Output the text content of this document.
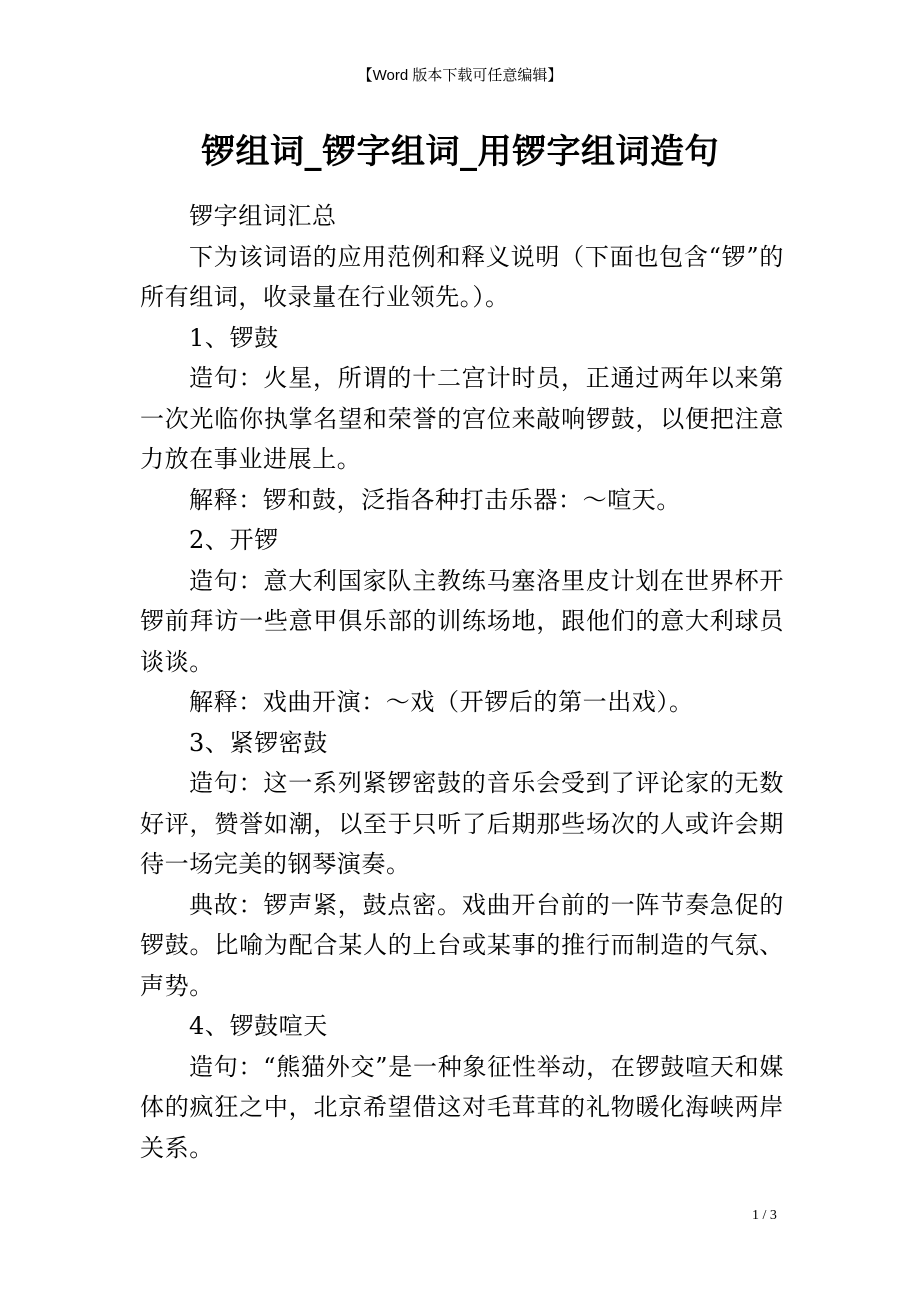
【Word 版本下载可任意编辑】
锣组词_锣字组词_用锣字组词造句

锣字组词汇总

下为该词语的应用范例和释义说明（下面也包含“锣”的所有组词，收录量在行业领先。）。

1、锣鼓

造句：火星，所谓的十二宫计时员，正通过两年以来第一次光临你执掌名望和荣誉的宫位来敲响锣鼓，以便把注意力放在事业进展上。

解释：锣和鼓，泛指各种打击乐器：～喧天。

2、开锣

造句：意大利国家队主教练马塞洛里皮计划在世界杯开锣前拜访一些意甲俱乐部的训练场地，跟他们的意大利球员谈谈。

解释：戏曲开演：～戏（开锣后的第一出戏）。

3、紧锣密鼓

造句：这一系列紧锣密鼓的音乐会受到了评论家的无数好评，赞誉如潮，以至于只听了后期那些场次的人或许会期待一场完美的钢琴演奏。

典故：锣声紧，鼓点密。戏曲开台前的一阵节奏急促的锣鼓。比喻为配合某人的上台或某事的推行而制造的气氛、声势。

4、锣鼓喧天

造句：“熊猫外交”是一种象征性举动，在锣鼓喧天和媒体的疯狂之中，北京希望借这对毛茸茸的礼物暖化海峡两岸关系。

1 / 3
